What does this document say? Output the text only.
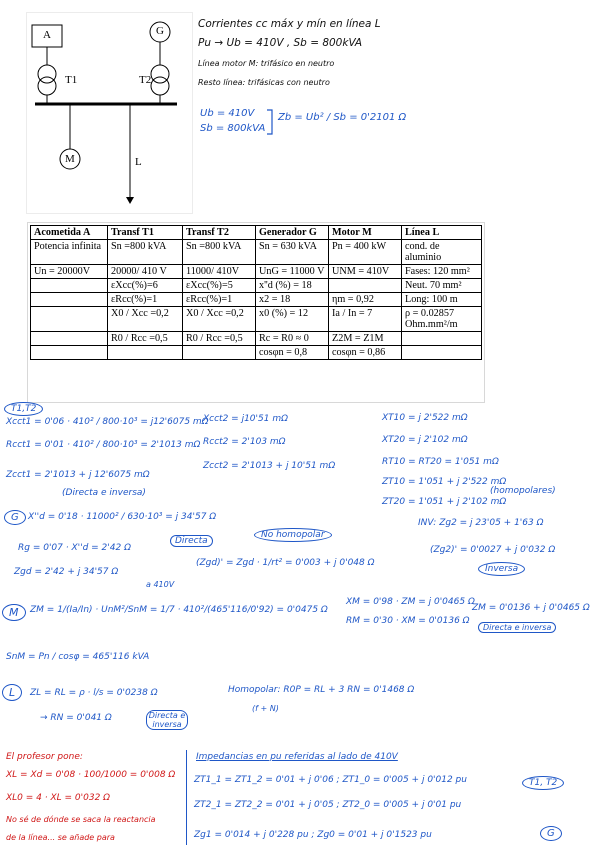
A	G
T1	T2
M	L
Corrientes cc máx y mín en línea L
Pu → Ub = 410V , Sb = 800kVA
Línea motor M: trifásico en neutro
Resto línea: trifásicas con neutro
Ub = 410V
Sb = 800kVA
Zb = Ub² / Sb = 0'2101 Ω
Acometida A	Transf T1	Transf T2	Generador G	Motor M	Línea L
Potencia infinita	Sn =800 kVA	Sn =800 kVA	Sn = 630 kVA	Pn = 400 kW	cond. de aluminio
Un = 20000V	20000/ 410 V	11000/ 410V	UnG = 11000 V	UNM = 410V	Fases: 120 mm²
	εXcc(%)=6	εXcc(%)=5	x''d (%) = 18		Neut. 70 mm²
	εRcc(%)=1	εRcc(%)=1	x2 = 18	ηm = 0,92	Long: 100 m
	X0 / Xcc =0,2	X0 / Xcc =0,2	x0 (%) = 12	Ia / In = 7	ρ = 0.02857 Ohm.mm²/m
	R0 / Rcc =0,5	R0 / Rcc =0,5	Rc = R0 ≈ 0	Z2M = Z1M	
			cosφn = 0,8	cosφn = 0,86	
T1,T2
Xcct1 = 0'06 · 410² / 800·10³ = j12'6075 mΩ
Rcct1 = 0'01 · 410² / 800·10³ = 2'1013 mΩ
Zcct1 = 2'1013 + j 12'6075 mΩ
(Directa e inversa)
Xcct2 = j10'51 mΩ
Rcct2 = 2'103 mΩ
Zcct2 = 2'1013 + j 10'51 mΩ
XT10 = j 2'522 mΩ
XT20 = j 2'102 mΩ
RT10 = RT20 = 1'051 mΩ
ZT10 = 1'051 + j 2'522 mΩ
ZT20 = 1'051 + j 2'102 mΩ
(homopolares)
G	X''d = 0'18 · 11000² / 630·10³ = j 34'57 Ω
Rg = 0'07 · X''d = 2'42 Ω
Directa
No homopolar
Zgd = 2'42 + j 34'57 Ω
a 410V
(Zgd)' = Zgd · 1/rt² = 0'003 + j 0'048 Ω
INV: Zg2 = j 23'05 + 1'63 Ω
(Zg2)' = 0'0027 + j 0'032 Ω
Inversa
M	ZM = 1/(Ia/In) · UnM²/SnM = 1/7 · 410²/(465'116/0'92) = 0'0475 Ω
XM = 0'98 · ZM = j 0'0465 Ω
RM = 0'30 · XM = 0'0136 Ω
ZM = 0'0136 + j 0'0465 Ω
Directa e inversa
SnM = Pn / cosφ = 465'116 kVA
L	ZL = RL = ρ · l/s = 0'0238 Ω
→ RN = 0'041 Ω	Directa e inversa
Homopolar: R0P = RL + 3 RN = 0'1468 Ω
(f + N)
El profesor pone:
XL = Xd = 0'08 · 100/1000 = 0'008 Ω
XL0 = 4 · XL = 0'032 Ω
No sé de dónde se saca la reactancia
de la línea... se añade para
Impedancias en pu referidas al lado de 410V
ZT1_1 = ZT1_2 = 0'01 + j 0'06 ; ZT1_0 = 0'005 + j 0'012 pu
ZT2_1 = ZT2_2 = 0'01 + j 0'05 ; ZT2_0 = 0'005 + j 0'01 pu
T1, T2
Zg1 = 0'014 + j 0'228 pu ; Zg0 = 0'01 + j 0'1523 pu	G
